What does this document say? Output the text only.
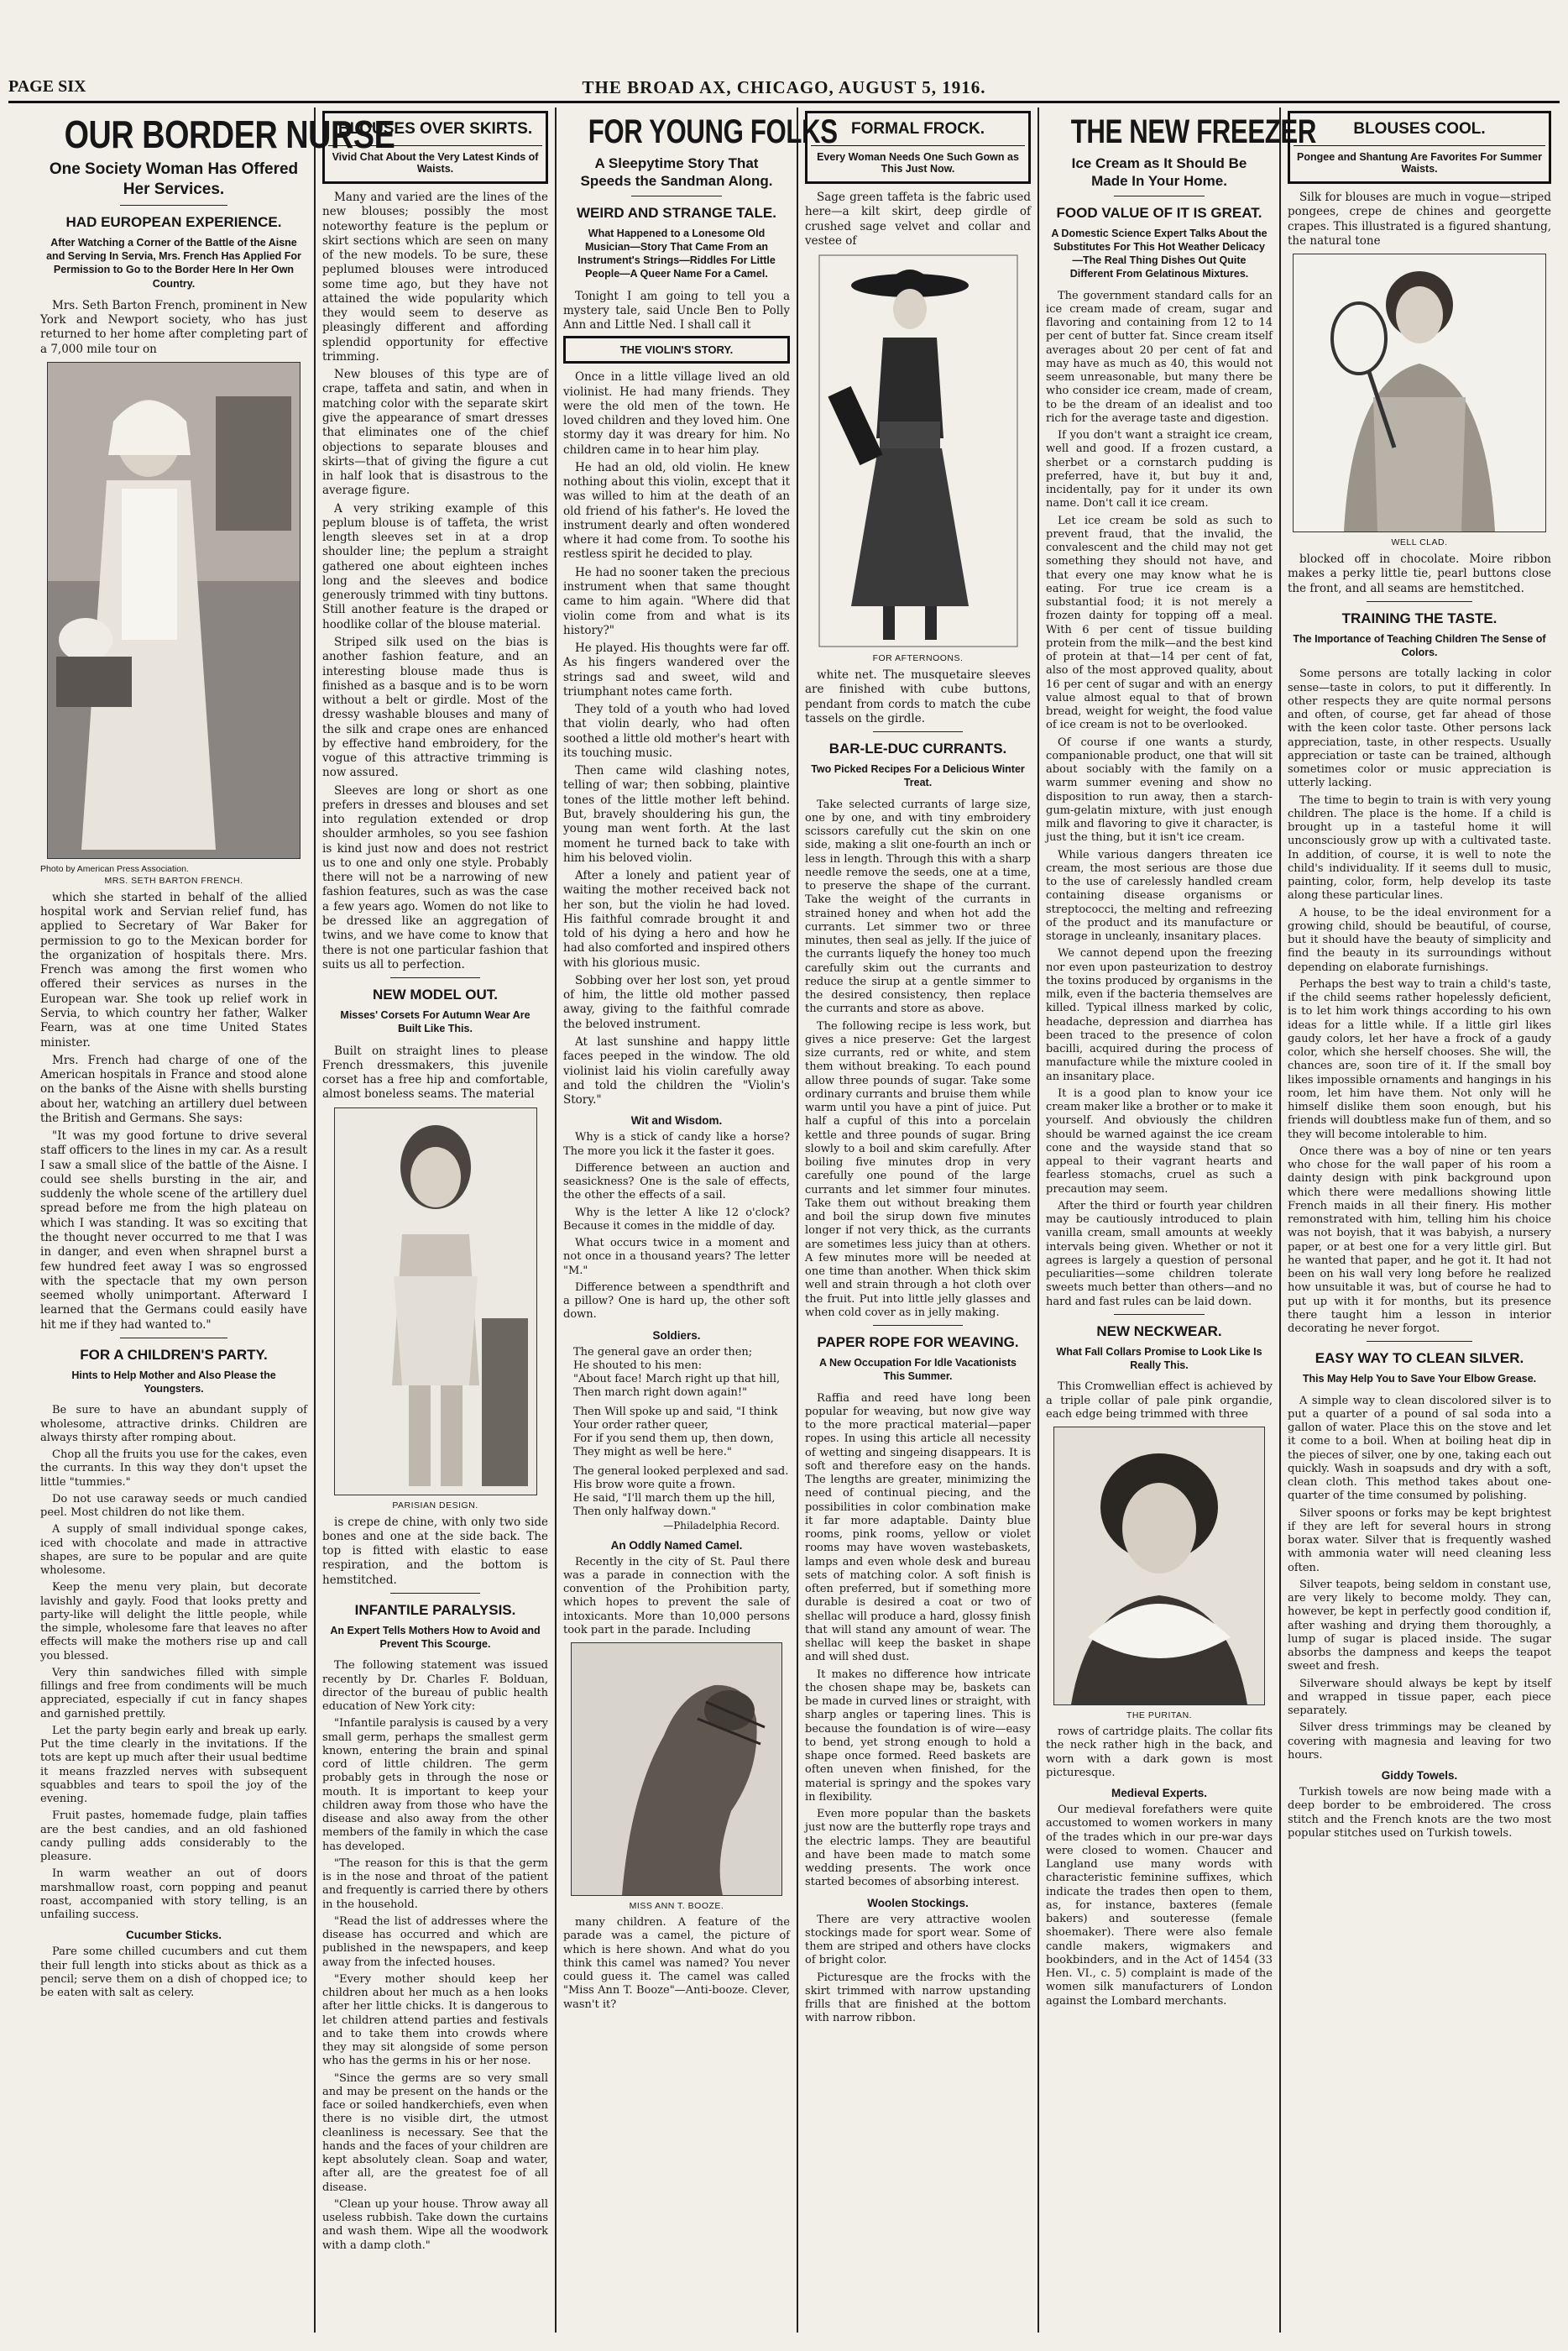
PAGE SIX	THE BROAD AX, CHICAGO, AUGUST 5, 1916.
OUR BORDER NURSE
One Society Woman Has Offered Her Services.
HAD EUROPEAN EXPERIENCE.
After Watching a Corner of the Battle of the Aisne and Serving In Servia, Mrs. French Has Applied For Permission to Go to the Border Here In Her Own Country.

Mrs. Seth Barton French, prominent in New York and Newport society, who has just returned to her home after completing part of a 7,000 mile tour on

Photo by American Press Association.
MRS. SETH BARTON FRENCH.

which she started in behalf of the allied hospital work and Servian relief fund, has applied to Secretary of War Baker for permission to go to the Mexican border for the organization of hospitals there. Mrs. French was among the first women who offered their services as nurses in the European war. She took up relief work in Servia, to which country her father, Walker Fearn, was at one time United States minister.

Mrs. French had charge of one of the American hospitals in France and stood alone on the banks of the Aisne with shells bursting about her, watching an artillery duel between the British and Germans. She says:

"It was my good fortune to drive several staff officers to the lines in my car. As a result I saw a small slice of the battle of the Aisne. I could see shells bursting in the air, and suddenly the whole scene of the artillery duel spread before me from the high plateau on which I was standing. It was so exciting that the thought never occurred to me that I was in danger, and even when shrapnel burst a few hundred feet away I was so engrossed with the spectacle that my own person seemed wholly unimportant. Afterward I learned that the Germans could easily have hit me if they had wanted to."

FOR A CHILDREN'S PARTY.
Hints to Help Mother and Also Please the Youngsters.

Be sure to have an abundant supply of wholesome, attractive drinks. Children are always thirsty after romping about.

Chop all the fruits you use for the cakes, even the currants. In this way they don't upset the little "tummies."

Do not use caraway seeds or much candied peel. Most children do not like them.

A supply of small individual sponge cakes, iced with chocolate and made in attractive shapes, are sure to be popular and are quite wholesome.

Keep the menu very plain, but decorate lavishly and gayly. Food that looks pretty and party-like will delight the little people, while the simple, wholesome fare that leaves no after effects will make the mothers rise up and call you blessed.

Very thin sandwiches filled with simple fillings and free from condiments will be much appreciated, especially if cut in fancy shapes and garnished prettily.

Let the party begin early and break up early. Put the time clearly in the invitations. If the tots are kept up much after their usual bedtime it means frazzled nerves with subsequent squabbles and tears to spoil the joy of the evening.

Fruit pastes, homemade fudge, plain taffies are the best candies, and an old fashioned candy pulling adds considerably to the pleasure.

In warm weather an out of doors marshmallow roast, corn popping and peanut roast, accompanied with story telling, is an unfailing success.

Cucumber Sticks.

Pare some chilled cucumbers and cut them their full length into sticks about as thick as a pencil; serve them on a dish of chopped ice; to be eaten with salt as celery.

BLOUSES OVER SKIRTS.
Vivid Chat About the Very Latest Kinds of Waists.

Many and varied are the lines of the new blouses; possibly the most noteworthy feature is the peplum or skirt sections which are seen on many of the new models. To be sure, these peplumed blouses were introduced some time ago, but they have not attained the wide popularity which they would seem to deserve as pleasingly different and affording splendid opportunity for effective trimming.

New blouses of this type are of crape, taffeta and satin, and when in matching color with the separate skirt give the appearance of smart dresses that eliminates one of the chief objections to separate blouses and skirts—that of giving the figure a cut in half look that is disastrous to the average figure.

A very striking example of this peplum blouse is of taffeta, the wrist length sleeves set in at a drop shoulder line; the peplum a straight gathered one about eighteen inches long and the sleeves and bodice generously trimmed with tiny buttons. Still another feature is the draped or hoodlike collar of the blouse material.

Striped silk used on the bias is another fashion feature, and an interesting blouse made thus is finished as a basque and is to be worn without a belt or girdle. Most of the dressy washable blouses and many of the silk and crape ones are enhanced by effective hand embroidery, for the vogue of this attractive trimming is now assured.

Sleeves are long or short as one prefers in dresses and blouses and set into regulation extended or drop shoulder armholes, so you see fashion is kind just now and does not restrict us to one and only one style. Probably there will not be a narrowing of new fashion features, such as was the case a few years ago. Women do not like to be dressed like an aggregation of twins, and we have come to know that there is not one particular fashion that suits us all to perfection.

NEW MODEL OUT.
Misses' Corsets For Autumn Wear Are Built Like This.

Built on straight lines to please French dressmakers, this juvenile corset has a free hip and comfortable, almost boneless seams. The material

PARISIAN DESIGN.

is crepe de chine, with only two side bones and one at the side back. The top is fitted with elastic to ease respiration, and the bottom is hemstitched.

INFANTILE PARALYSIS.
An Expert Tells Mothers How to Avoid and Prevent This Scourge.

The following statement was issued recently by Dr. Charles F. Bolduan, director of the bureau of public health education of New York city:

"Infantile paralysis is caused by a very small germ, perhaps the smallest germ known, entering the brain and spinal cord of little children. The germ probably gets in through the nose or mouth. It is important to keep your children away from those who have the disease and also away from the other members of the family in which the case has developed.

"The reason for this is that the germ is in the nose and throat of the patient and frequently is carried there by others in the household.

"Read the list of addresses where the disease has occurred and which are published in the newspapers, and keep away from the infected houses.

"Every mother should keep her children about her much as a hen looks after her little chicks. It is dangerous to let children attend parties and festivals and to take them into crowds where they may sit alongside of some person who has the germs in his or her nose.

"Since the germs are so very small and may be present on the hands or the face or soiled handkerchiefs, even when there is no visible dirt, the utmost cleanliness is necessary. See that the hands and the faces of your children are kept absolutely clean. Soap and water, after all, are the greatest foe of all disease.

"Clean up your house. Throw away all useless rubbish. Take down the curtains and wash them. Wipe all the woodwork with a damp cloth."

FOR YOUNG FOLKS
A Sleepytime Story That Speeds the Sandman Along.
WEIRD AND STRANGE TALE.
What Happened to a Lonesome Old Musician—Story That Came From an Instrument's Strings—Riddles For Little People—A Queer Name For a Camel.

Tonight I am going to tell you a mystery tale, said Uncle Ben to Polly Ann and Little Ned. I shall call it

THE VIOLIN'S STORY.

Once in a little village lived an old violinist. He had many friends. They were the old men of the town. He loved children and they loved him. One stormy day it was dreary for him. No children came in to hear him play.

He had an old, old violin. He knew nothing about this violin, except that it was willed to him at the death of an old friend of his father's. He loved the instrument dearly and often wondered where it had come from. To soothe his restless spirit he decided to play.

He had no sooner taken the precious instrument when that same thought came to him again. "Where did that violin come from and what is its history?"

He played. His thoughts were far off. As his fingers wandered over the strings sad and sweet, wild and triumphant notes came forth.

They told of a youth who had loved that violin dearly, who had often soothed a little old mother's heart with its touching music.

Then came wild clashing notes, telling of war; then sobbing, plaintive tones of the little mother left behind. But, bravely shouldering his gun, the young man went forth. At the last moment he turned back to take with him his beloved violin.

After a lonely and patient year of waiting the mother received back not her son, but the violin he had loved. His faithful comrade brought it and told of his dying a hero and how he had also comforted and inspired others with his glorious music.

Sobbing over her lost son, yet proud of him, the little old mother passed away, giving to the faithful comrade the beloved instrument.

At last sunshine and happy little faces peeped in the window. The old violinist laid his violin carefully away and told the children the "Violin's Story."

Wit and Wisdom.

Why is a stick of candy like a horse? The more you lick it the faster it goes.

Difference between an auction and seasickness? One is the sale of effects, the other the effects of a sail.

Why is the letter A like 12 o'clock? Because it comes in the middle of day.

What occurs twice in a moment and not once in a thousand years? The letter "M."

Difference between a spendthrift and a pillow? One is hard up, the other soft down.

Soldiers.
The general gave an order then;
He shouted to his men:
"About face! March right up that hill,
Then march right down again!"
Then Will spoke up and said, "I think
Your order rather queer,
For if you send them up, then down,
They might as well be here."
The general looked perplexed and sad.
His brow wore quite a frown.
He said, "I'll march them up the hill,
Then only halfway down."
—Philadelphia Record.
An Oddly Named Camel.

Recently in the city of St. Paul there was a parade in connection with the convention of the Prohibition party, which hopes to prevent the sale of intoxicants. More than 10,000 persons took part in the parade. Including

MISS ANN T. BOOZE.

many children. A feature of the parade was a camel, the picture of which is here shown. And what do you think this camel was named? You never could guess it. The camel was called "Miss Ann T. Booze"—Anti-booze. Clever, wasn't it?

FORMAL FROCK.
Every Woman Needs One Such Gown as This Just Now.

Sage green taffeta is the fabric used here—a kilt skirt, deep girdle of crushed sage velvet and collar and vestee of

FOR AFTERNOONS.

white net. The musquetaire sleeves are finished with cube buttons, pendant from cords to match the cube tassels on the girdle.

BAR-LE-DUC CURRANTS.
Two Picked Recipes For a Delicious Winter Treat.

Take selected currants of large size, one by one, and with tiny embroidery scissors carefully cut the skin on one side, making a slit one-fourth an inch or less in length. Through this with a sharp needle remove the seeds, one at a time, to preserve the shape of the currant. Take the weight of the currants in strained honey and when hot add the currants. Let simmer two or three minutes, then seal as jelly. If the juice of the currants liquefy the honey too much carefully skim out the currants and reduce the sirup at a gentle simmer to the desired consistency, then replace the currants and store as above.

The following recipe is less work, but gives a nice preserve: Get the largest size currants, red or white, and stem them without breaking. To each pound allow three pounds of sugar. Take some ordinary currants and bruise them while warm until you have a pint of juice. Put half a cupful of this into a porcelain kettle and three pounds of sugar. Bring slowly to a boil and skim carefully. After boiling five minutes drop in very carefully one pound of the large currants and let simmer four minutes. Take them out without breaking them and boil the sirup down five minutes longer if not very thick, as the currants are sometimes less juicy than at others. A few minutes more will be needed at one time than another. When thick skim well and strain through a hot cloth over the fruit. Put into little jelly glasses and when cold cover as in jelly making.

PAPER ROPE FOR WEAVING.
A New Occupation For Idle Vacationists This Summer.

Raffia and reed have long been popular for weaving, but now give way to the more practical material—paper ropes. In using this article all necessity of wetting and singeing disappears. It is soft and therefore easy on the hands. The lengths are greater, minimizing the need of continual piecing, and the possibilities in color combination make it far more adaptable. Dainty blue rooms, pink rooms, yellow or violet rooms may have woven wastebaskets, lamps and even whole desk and bureau sets of matching color. A soft finish is often preferred, but if something more durable is desired a coat or two of shellac will produce a hard, glossy finish that will stand any amount of wear. The shellac will keep the basket in shape and will shed dust.

It makes no difference how intricate the chosen shape may be, baskets can be made in curved lines or straight, with sharp angles or tapering lines. This is because the foundation is of wire—easy to bend, yet strong enough to hold a shape once formed. Reed baskets are often uneven when finished, for the material is springy and the spokes vary in flexibility.

Even more popular than the baskets just now are the butterfly rope trays and the electric lamps. They are beautiful and have been made to match some wedding presents. The work once started becomes of absorbing interest.

Woolen Stockings.

There are very attractive woolen stockings made for sport wear. Some of them are striped and others have clocks of bright color.

Picturesque are the frocks with the skirt trimmed with narrow upstanding frills that are finished at the bottom with narrow ribbon.

THE NEW FREEZER
Ice Cream as It Should Be Made In Your Home.
FOOD VALUE OF IT IS GREAT.
A Domestic Science Expert Talks About the Substitutes For This Hot Weather Delicacy—The Real Thing Dishes Out Quite Different From Gelatinous Mixtures.

The government standard calls for an ice cream made of cream, sugar and flavoring and containing from 12 to 14 per cent of butter fat. Since cream itself averages about 20 per cent of fat and may have as much as 40, this would not seem unreasonable, but many there be who consider ice cream, made of cream, to be the dream of an idealist and too rich for the average taste and digestion.

If you don't want a straight ice cream, well and good. If a frozen custard, a sherbet or a cornstarch pudding is preferred, have it, but buy it and, incidentally, pay for it under its own name. Don't call it ice cream.

Let ice cream be sold as such to prevent fraud, that the invalid, the convalescent and the child may not get something they should not have, and that every one may know what he is eating. For true ice cream is a substantial food; it is not merely a frozen dainty for topping off a meal. With 6 per cent of tissue building protein from the milk—and the best kind of protein at that—14 per cent of fat, also of the most approved quality, about 16 per cent of sugar and with an energy value almost equal to that of brown bread, weight for weight, the food value of ice cream is not to be overlooked.

Of course if one wants a sturdy, companionable product, one that will sit about sociably with the family on a warm summer evening and show no disposition to run away, then a starch-gum-gelatin mixture, with just enough milk and flavoring to give it character, is just the thing, but it isn't ice cream.

While various dangers threaten ice cream, the most serious are those due to the use of carelessly handled cream containing disease organisms or streptococci, the melting and refreezing of the product and its manufacture or storage in uncleanly, insanitary places.

We cannot depend upon the freezing nor even upon pasteurization to destroy the toxins produced by organisms in the milk, even if the bacteria themselves are killed. Typical illness marked by colic, headache, depression and diarrhea has been traced to the presence of colon bacilli, acquired during the process of manufacture while the mixture cooled in an insanitary place.

It is a good plan to know your ice cream maker like a brother or to make it yourself. And obviously the children should be warned against the ice cream cone and the wayside stand that so appeal to their vagrant hearts and fearless stomachs, cruel as such a precaution may seem.

After the third or fourth year children may be cautiously introduced to plain vanilla cream, small amounts at weekly intervals being given. Whether or not it agrees is largely a question of personal peculiarities—some children tolerate sweets much better than others—and no hard and fast rules can be laid down.

NEW NECKWEAR.
What Fall Collars Promise to Look Like Is Really This.

This Cromwellian effect is achieved by a triple collar of pale pink organdie, each edge being trimmed with three

THE PURITAN.

rows of cartridge plaits. The collar fits the neck rather high in the back, and worn with a dark gown is most picturesque.

Medieval Experts.

Our medieval forefathers were quite accustomed to women workers in many of the trades which in our pre-war days were closed to women. Chaucer and Langland use many words with characteristic feminine suffixes, which indicate the trades then open to them, as, for instance, baxteres (female bakers) and souteresse (female shoemaker). There were also female candle makers, wigmakers and bookbinders, and in the Act of 1454 (33 Hen. VI., c. 5) complaint is made of the women silk manufacturers of London against the Lombard merchants.

BLOUSES COOL.
Pongee and Shantung Are Favorites For Summer Waists.

Silk for blouses are much in vogue—striped pongees, crepe de chines and georgette crapes. This illustrated is a figured shantung, the natural tone

WELL CLAD.

blocked off in chocolate. Moire ribbon makes a perky little tie, pearl buttons close the front, and all seams are hemstitched.

TRAINING THE TASTE.
The Importance of Teaching Children The Sense of Colors.

Some persons are totally lacking in color sense—taste in colors, to put it differently. In other respects they are quite normal persons and often, of course, get far ahead of those with the keen color taste. Other persons lack appreciation, taste, in other respects. Usually appreciation or taste can be trained, although sometimes color or music appreciation is utterly lacking.

The time to begin to train is with very young children. The place is the home. If a child is brought up in a tasteful home it will unconsciously grow up with a cultivated taste. In addition, of course, it is well to note the child's individuality. If it seems dull to music, painting, color, form, help develop its taste along these particular lines.

A house, to be the ideal environment for a growing child, should be beautiful, of course, but it should have the beauty of simplicity and find the beauty in its surroundings without depending on elaborate furnishings.

Perhaps the best way to train a child's taste, if the child seems rather hopelessly deficient, is to let him work things according to his own ideas for a little while. If a little girl likes gaudy colors, let her have a frock of a gaudy color, which she herself chooses. She will, the chances are, soon tire of it. If the small boy likes impossible ornaments and hangings in his room, let him have them. Not only will he himself dislike them soon enough, but his friends will doubtless make fun of them, and so they will become intolerable to him.

Once there was a boy of nine or ten years who chose for the wall paper of his room a dainty design with pink background upon which there were medallions showing little French maids in all their finery. His mother remonstrated with him, telling him his choice was not boyish, that it was babyish, a nursery paper, or at best one for a very little girl. But he wanted that paper, and he got it. It had not been on his wall very long before he realized how unsuitable it was, but of course he had to put up with it for months, but its presence there taught him a lesson in interior decorating he never forgot.

EASY WAY TO CLEAN SILVER.
This May Help You to Save Your Elbow Grease.

A simple way to clean discolored silver is to put a quarter of a pound of sal soda into a gallon of water. Place this on the stove and let it come to a boil. When at boiling heat dip in the pieces of silver, one by one, taking each out quickly. Wash in soapsuds and dry with a soft, clean cloth. This method takes about one-quarter of the time consumed by polishing.

Silver spoons or forks may be kept brightest if they are left for several hours in strong borax water. Silver that is frequently washed with ammonia water will need cleaning less often.

Silver teapots, being seldom in constant use, are very likely to become moldy. They can, however, be kept in perfectly good condition if, after washing and drying them thoroughly, a lump of sugar is placed inside. The sugar absorbs the dampness and keeps the teapot sweet and fresh.

Silverware should always be kept by itself and wrapped in tissue paper, each piece separately.

Silver dress trimmings may be cleaned by covering with magnesia and leaving for two hours.

Giddy Towels.

Turkish towels are now being made with a deep border to be embroidered. The cross stitch and the French knots are the two most popular stitches used on Turkish towels.
